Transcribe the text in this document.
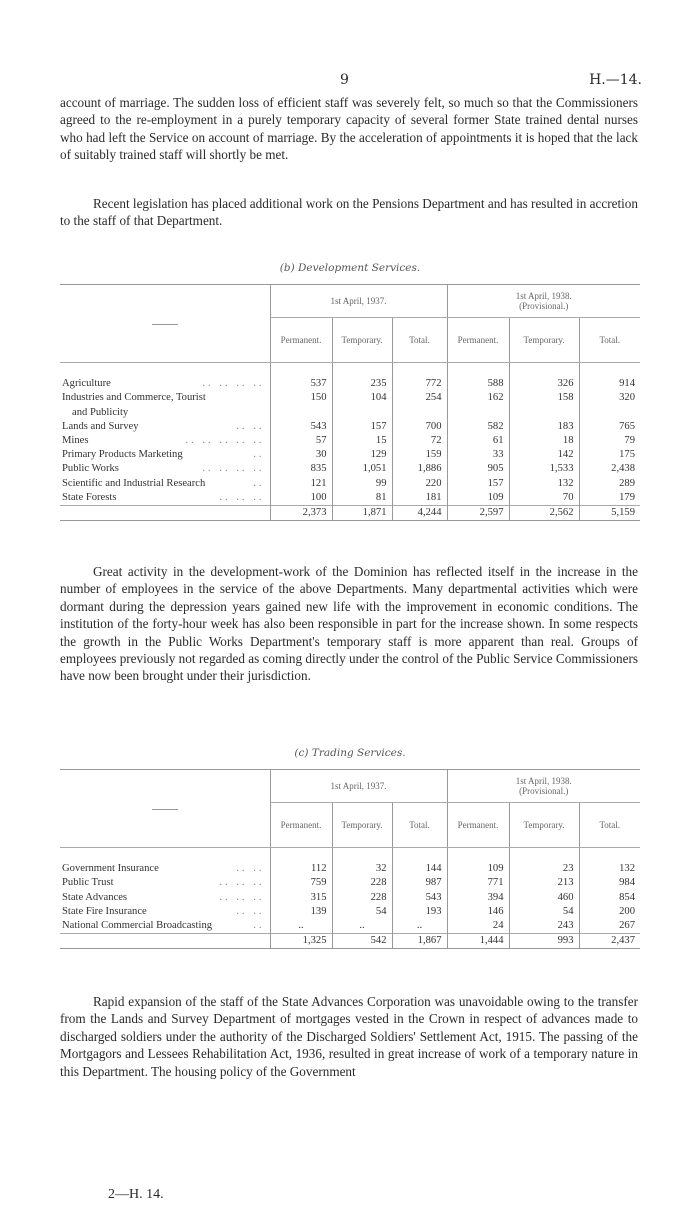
9	H.—14.

account of marriage. The sudden loss of efficient staff was severely felt, so much so that the Commissioners agreed to the re-employment in a purely temporary capacity of several former State trained dental nurses who had left the Service on account of marriage. By the acceleration of appointments it is hoped that the lack of suitably trained staff will shortly be met.

Recent legislation has placed additional work on the Pensions Department and has resulted in accretion to the staff of that Department.

(b) Development Services.
	1st April, 1937.			1st April, 1938.
(Provisional.)		

	Permanent.	Temporary.	Total.	Permanent.	Temporary.	Total.

Agriculture .. .. .. ..	537	235	772	588	326	914
Industries and Commerce, Tourist	150	104	254	162	158	320
and Publicity						
Lands and Survey .. ..	543	157	700	582	183	765
Mines .. .. .. .. ..	57	15	72	61	18	79
Primary Products Marketing ..	30	129	159	33	142	175
Public Works .. .. .. ..	835	1,051	1,886	905	1,533	2,438
Scientific and Industrial Research ..	121	99	220	157	132	289
State Forests .. .. ..	100	81	181	109	70	179
	2,373	1,871	4,244	2,597	2,562	5,159

Great activity in the development-work of the Dominion has reflected itself in the increase in the number of employees in the service of the above Departments. Many departmental activities which were dormant during the depression years gained new life with the improvement in economic conditions. The institution of the forty-hour week has also been responsible in part for the increase shown. In some respects the growth in the Public Works Department's temporary staff is more apparent than real. Groups of employees previously not regarded as coming directly under the control of the Public Service Commissioners have now been brought under their jurisdiction.

(c) Trading Services.
	1st April, 1937.			1st April, 1938.
(Provisional.)		

	Permanent.	Temporary.	Total.	Permanent.	Temporary.	Total.

Government Insurance .. ..	112	32	144	109	23	132
Public Trust .. .. ..	759	228	987	771	213	984
State Advances .. .. ..	315	228	543	394	460	854
State Fire Insurance .. ..	139	54	193	146	54	200
National Commercial Broadcasting ..	..	..	..	24	243	267
	1,325	542	1,867	1,444	993	2,437

Rapid expansion of the staff of the State Advances Corporation was unavoidable owing to the transfer from the Lands and Survey Department of mortgages vested in the Crown in respect of advances made to discharged soldiers under the authority of the Discharged Soldiers' Settlement Act, 1915. The passing of the Mortgagors and Lessees Rehabilitation Act, 1936, resulted in great increase of work of a temporary nature in this Department. The housing policy of the Government

2—H. 14.
